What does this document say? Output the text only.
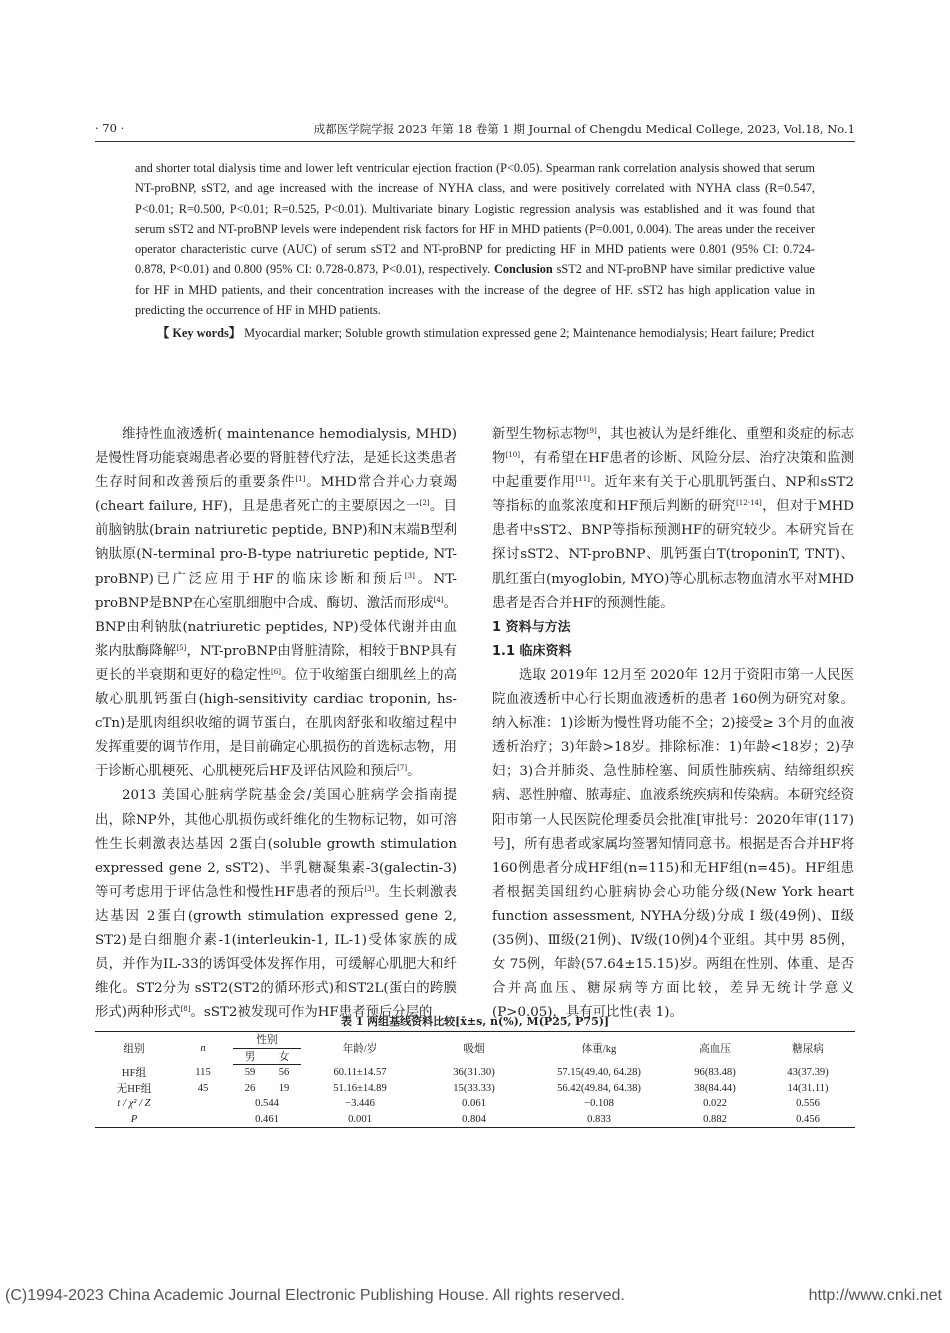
· 70 ·	成都医学院学报 2023 年第 18 卷第 1 期 Journal of Chengdu Medical College, 2023, Vol.18, No.1

and shorter total dialysis time and lower left ventricular ejection fraction (P<0.05). Spearman rank correlation analysis showed that serum NT-proBNP, sST2, and age increased with the increase of NYHA class, and were positively correlated with NYHA class (R=0.547, P<0.01; R=0.500, P<0.01; R=0.525, P<0.01). Multivariate binary Logistic regression analysis was established and it was found that serum sST2 and NT-proBNP levels were independent risk factors for HF in MHD patients (P=0.001, 0.004). The areas under the receiver operator characteristic curve (AUC) of serum sST2 and NT-proBNP for predicting HF in MHD patients were 0.801 (95% CI: 0.724-0.878, P<0.01) and 0.800 (95% CI: 0.728-0.873, P<0.01), respectively. Conclusion sST2 and NT-proBNP have similar predictive value for HF in MHD patients, and their concentration increases with the increase of the degree of HF. sST2 has high application value in predicting the occurrence of HF in MHD patients.

【 Key words】 Myocardial marker; Soluble growth stimulation expressed gene 2; Maintenance hemodialysis; Heart failure; Predict

维持性血液透析( maintenance hemodialysis, MHD)是慢性肾功能衰竭患者必要的肾脏替代疗法，是延长这类患者生存时间和改善预后的重要条件[1]。MHD常合并心力衰竭(cheart failure, HF)，且是患者死亡的主要原因之一[2]。目前脑钠肽(brain natriuretic peptide, BNP)和N末端B型利钠肽原(N-terminal pro-B-type natriuretic peptide, NT-proBNP)已广泛应用于HF的临床诊断和预后[3]。NT-proBNP是BNP在心室肌细胞中合成、酶切、激活而形成[4]。BNP由利钠肽(natriuretic peptides, NP)受体代谢并由血浆内肽酶降解[5]，NT-proBNP由肾脏清除，相较于BNP具有更长的半衰期和更好的稳定性[6]。位于收缩蛋白细肌丝上的高敏心肌肌钙蛋白(high-sensitivity cardiac troponin, hs-cTn)是肌肉组织收缩的调节蛋白，在肌肉舒张和收缩过程中发挥重要的调节作用，是目前确定心肌损伤的首选标志物，用于诊断心肌梗死、心肌梗死后HF及评估风险和预后[7]。

2013 美国心脏病学院基金会/美国心脏病学会指南提出，除NP外，其他心肌损伤或纤维化的生物标记物，如可溶性生长刺激表达基因 2蛋白(soluble growth stimulation expressed gene 2, sST2)、半乳糖凝集素-3(galectin-3)等可考虑用于评估急性和慢性HF患者的预后[3]。生长刺激表达基因 2蛋白(growth stimulation expressed gene 2, ST2)是白细胞介素-1(interleukin-1, IL-1)受体家族的成员，并作为IL-33的诱饵受体发挥作用，可缓解心肌肥大和纤维化。ST2分为 sST2(ST2的循环形式)和ST2L(蛋白的跨膜形式)两种形式[8]。sST2被发现可作为HF患者预后分层的

新型生物标志物[9]，其也被认为是纤维化、重塑和炎症的标志物[10]，有希望在HF患者的诊断、风险分层、治疗决策和监测中起重要作用[11]。近年来有关于心肌肌钙蛋白、NP和sST2等指标的血浆浓度和HF预后判断的研究[12-14]，但对于MHD患者中sST2、BNP等指标预测HF的研究较少。本研究旨在探讨sST2、NT-proBNP、肌钙蛋白T(troponinT, TNT)、肌红蛋白(myoglobin, MYO)等心肌标志物血清水平对MHD患者是否合并HF的预测性能。

1 资料与方法

1.1 临床资料

选取 2019年 12月至 2020年 12月于资阳市第一人民医院血液透析中心行长期血液透析的患者 160例为研究对象。纳入标准：1)诊断为慢性肾功能不全；2)接受≥ 3个月的血液透析治疗；3)年龄>18岁。排除标准：1)年龄<18岁；2)孕妇；3)合并肺炎、急性肺栓塞、间质性肺疾病、结缔组织疾病、恶性肿瘤、脓毒症、血液系统疾病和传染病。本研究经资阳市第一人民医院伦理委员会批准[审批号：2020年审(117)号]，所有患者或家属均签署知情同意书。根据是否合并HF将 160例患者分成HF组(n=115)和无HF组(n=45)。HF组患者根据美国纽约心脏病协会心功能分级(New York heart function assessment, NYHA分级)分成 Ⅰ 级(49例)、Ⅱ级(35例)、Ⅲ级(21例)、Ⅳ级(10例)4个亚组。其中男 85例，女 75例，年龄(57.64±15.15)岁。两组在性别、体重、是否合并高血压、糖尿病等方面比较，差异无统计学意义(P>0.05)，具有可比性(表 1)。

表 1 两组基线资料比较[x̄±s, n(%), M(P25, P75)]
组别	n	性别		年龄/岁	吸烟	体重/kg	高血压	糖尿病
		男	女					
HF组	115	59	56	60.11±14.57	36(31.30)	57.15(49.40, 64.28)	96(83.48)	43(37.39)
无HF组	45	26	19	51.16±14.89	15(33.33)	56.42(49.84, 64.38)	38(84.44)	14(31.11)
t / χ² / Z		0.544		−3.446	0.061	−0.108	0.022	0.556
P		0.461		0.001	0.804	0.833	0.882	0.456
(C)1994-2023 China Academic Journal Electronic Publishing House. All rights reserved.	http://www.cnki.net
